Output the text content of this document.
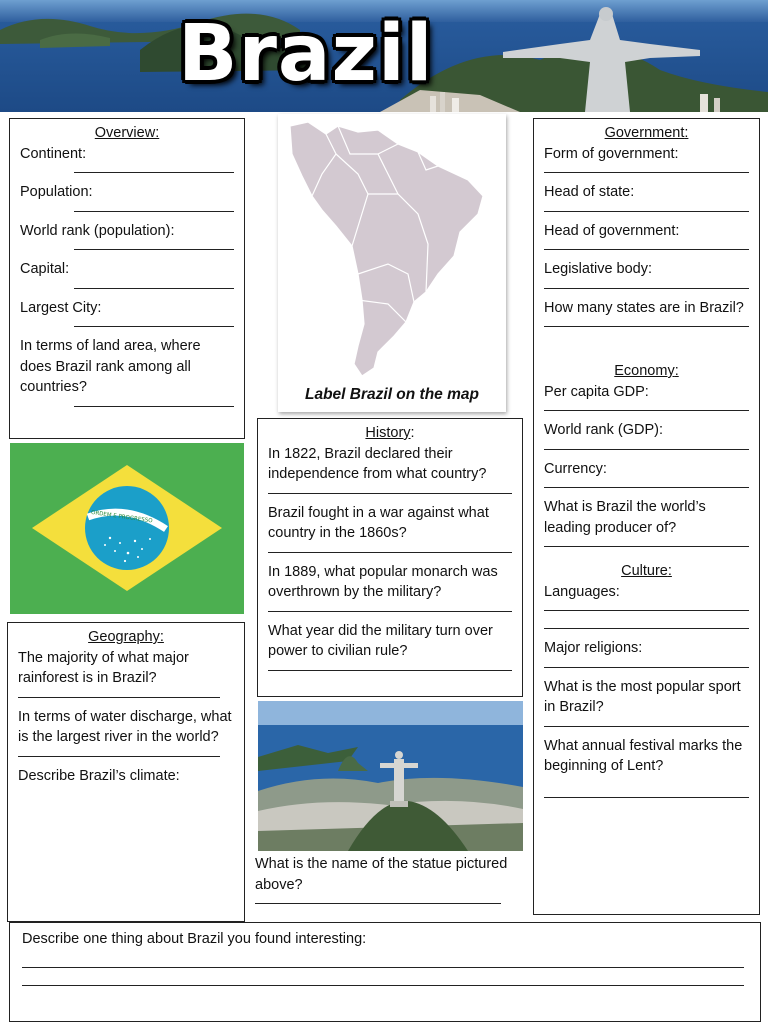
Brazil
Overview:
Continent:
Population:
World rank (population):
Capital:
Largest City:
In terms of land area, where does Brazil rank among all countries?	Label Brazil on the map
ORDEM E PROGRESSO
History:
In 1822, Brazil declared their independence from what country?
Brazil fought in a war against what country in the 1860s?
In 1889, what popular monarch was overthrown by the military?
What year did the military turn over power to civilian rule?
Geography:
The majority of what major rainforest is in Brazil?
In terms of water discharge, what is the largest river in the world?
Describe Brazil’s climate:
What is the name of the statue pictured above?
Government:
Form of government:
Head of state:
Head of government:
Legislative body:
How many states are in Brazil?
Economy:
Per capita GDP:
World rank (GDP):
Currency:
What is Brazil the world’s leading producer of?
Culture:
Languages:
Major religions:
What is the most popular sport in Brazil?
What annual festival marks the beginning of Lent?
Describe one thing about Brazil you found interesting:
